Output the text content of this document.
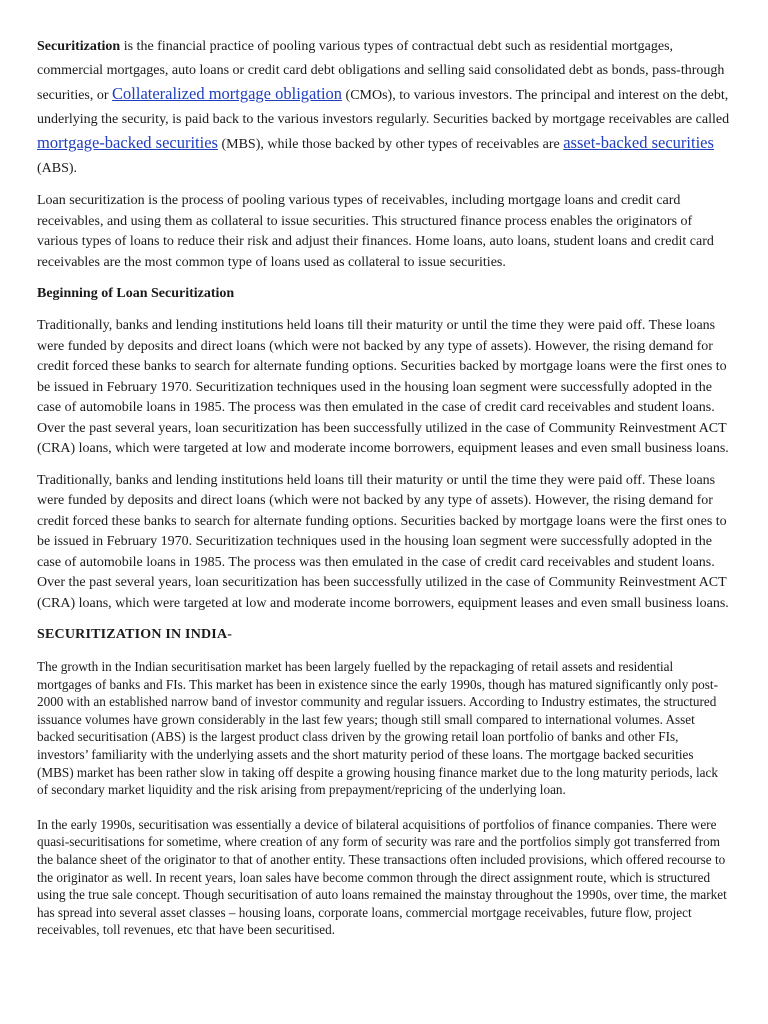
Securitization is the financial practice of pooling various types of contractual debt such as residential mortgages, commercial mortgages, auto loans or credit card debt obligations and selling said consolidated debt as bonds, pass-through securities, or Collateralized mortgage obligation (CMOs), to various investors. The principal and interest on the debt, underlying the security, is paid back to the various investors regularly. Securities backed by mortgage receivables are called mortgage-backed securities (MBS), while those backed by other types of receivables are asset-backed securities (ABS).

Loan securitization is the process of pooling various types of receivables, including mortgage loans and credit card receivables, and using them as collateral to issue securities. This structured finance process enables the originators of various types of loans to reduce their risk and adjust their finances. Home loans, auto loans, student loans and credit card receivables are the most common type of loans used as collateral to issue securities.

Beginning of Loan Securitization

Traditionally, banks and lending institutions held loans till their maturity or until the time they were paid off. These loans were funded by deposits and direct loans (which were not backed by any type of assets). However, the rising demand for credit forced these banks to search for alternate funding options. Securities backed by mortgage loans were the first ones to be issued in February 1970. Securitization techniques used in the housing loan segment were successfully adopted in the case of automobile loans in 1985. The process was then emulated in the case of credit card receivables and student loans. Over the past several years, loan securitization has been successfully utilized in the case of Community Reinvestment ACT (CRA) loans, which were targeted at low and moderate income borrowers, equipment leases and even small business loans.

Traditionally, banks and lending institutions held loans till their maturity or until the time they were paid off. These loans were funded by deposits and direct loans (which were not backed by any type of assets). However, the rising demand for credit forced these banks to search for alternate funding options. Securities backed by mortgage loans were the first ones to be issued in February 1970. Securitization techniques used in the housing loan segment were successfully adopted in the case of automobile loans in 1985. The process was then emulated in the case of credit card receivables and student loans. Over the past several years, loan securitization has been successfully utilized in the case of Community Reinvestment ACT (CRA) loans, which were targeted at low and moderate income borrowers, equipment leases and even small business loans.

SECURITIZATION IN INDIA-

The growth in the Indian securitisation market has been largely fuelled by the repackaging of retail assets and residential mortgages of banks and FIs. This market has been in existence since the early 1990s, though has matured significantly only post-2000 with an established narrow band of investor community and regular issuers. According to Industry estimates, the structured issuance volumes have grown considerably in the last few years; though still small compared to international volumes. Asset backed securitisation (ABS) is the largest product class driven by the growing retail loan portfolio of banks and other FIs, investors’ familiarity with the underlying assets and the short maturity period of these loans. The mortgage backed securities (MBS) market has been rather slow in taking off despite a growing housing finance market due to the long maturity periods, lack of secondary market liquidity and the risk arising from prepayment/repricing of the underlying loan.

In the early 1990s, securitisation was essentially a device of bilateral acquisitions of portfolios of finance companies. There were quasi-securitisations for sometime, where creation of any form of security was rare and the portfolios simply got transferred from the balance sheet of the originator to that of another entity. These transactions often included provisions, which offered recourse to the originator as well. In recent years, loan sales have become common through the direct assignment route, which is structured using the true sale concept. Though securitisation of auto loans remained the mainstay throughout the 1990s, over time, the market has spread into several asset classes – housing loans, corporate loans, commercial mortgage receivables, future flow, project receivables, toll revenues, etc that have been securitised.
